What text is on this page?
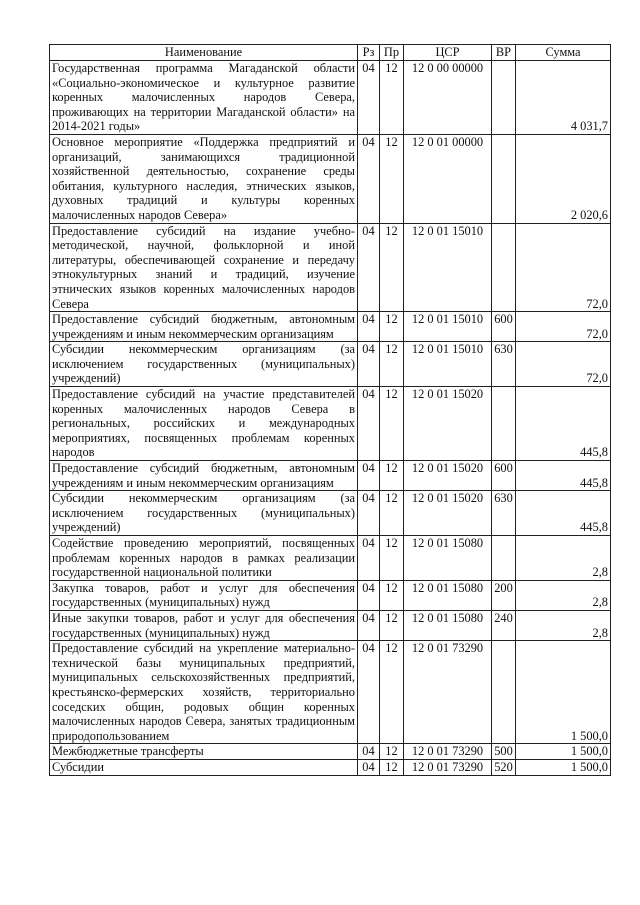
Наименование	Рз	Пр	ЦСР	ВР	Сумма
Государственная программа Магаданской области «Социально-экономическое и культурное развитие коренных малочисленных народов Севера, проживающих на территории Магаданской области» на 2014-2021 годы»	04	12	12 0 00 00000		4 031,7
Основное мероприятие «Поддержка предприятий и организаций, занимающихся традиционной хозяйственной деятельностью, сохранение среды обитания, культурного наследия, этнических языков, духовных традиций и культуры коренных малочисленных народов Севера»	04	12	12 0 01 00000		2 020,6
Предоставление субсидий на издание учебно-методической, научной, фольклорной и иной литературы, обеспечивающей сохранение и передачу этнокультурных знаний и традиций, изучение этнических языков коренных малочисленных народов Севера	04	12	12 0 01 15010		72,0
Предоставление субсидий бюджетным, автономным учреждениям и иным некоммерческим организациям	04	12	12 0 01 15010	600	72,0
Субсидии некоммерческим организациям (за исключением государственных (муниципальных) учреждений)	04	12	12 0 01 15010	630	72,0
Предоставление субсидий на участие представителей коренных малочисленных народов Севера в региональных, российских и международных мероприятиях, посвященных проблемам коренных народов	04	12	12 0 01 15020		445,8
Предоставление субсидий бюджетным, автономным учреждениям и иным некоммерческим организациям	04	12	12 0 01 15020	600	445,8
Субсидии некоммерческим организациям (за исключением государственных (муниципальных) учреждений)	04	12	12 0 01 15020	630	445,8
Содействие проведению мероприятий, посвященных проблемам коренных народов в рамках реализации государственной национальной политики	04	12	12 0 01 15080		2,8
Закупка товаров, работ и услуг для обеспечения государственных (муниципальных) нужд	04	12	12 0 01 15080	200	2,8
Иные закупки товаров, работ и услуг для обеспечения государственных (муниципальных) нужд	04	12	12 0 01 15080	240	2,8
Предоставление субсидий на укрепление материально-технической базы муниципальных предприятий, муниципальных сельскохозяйственных предприятий, крестьянско-фермерских хозяйств, территориально соседских общин, родовых общин коренных малочисленных народов Севера, занятых традиционным природопользованием	04	12	12 0 01 73290		1 500,0
Межбюджетные трансферты	04	12	12 0 01 73290	500	1 500,0
Субсидии	04	12	12 0 01 73290	520	1 500,0
